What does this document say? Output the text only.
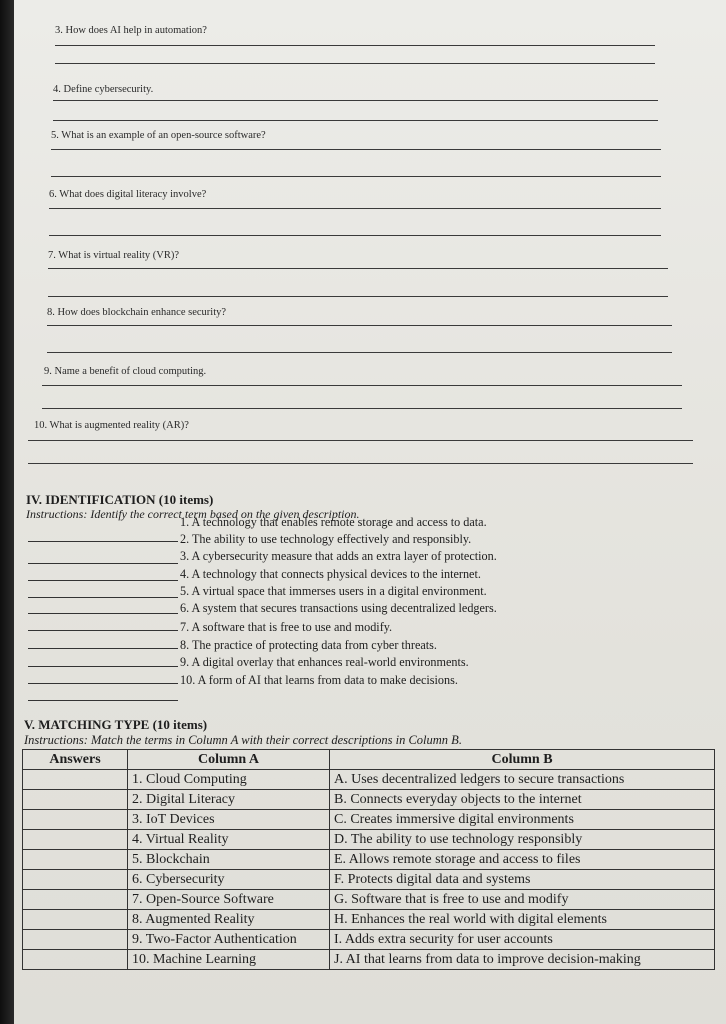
3. How does AI help in automation?
4. Define cybersecurity.
5. What is an example of an open-source software?
6. What does digital literacy involve?
7. What is virtual reality (VR)?
8. How does blockchain enhance security?
9. Name a benefit of cloud computing.
10. What is augmented reality (AR)?
IV. IDENTIFICATION (10 items)
Instructions: Identify the correct term based on the given description.
1. A technology that enables remote storage and access to data.
2. The ability to use technology effectively and responsibly.
3. A cybersecurity measure that adds an extra layer of protection.
4. A technology that connects physical devices to the internet.
5. A virtual space that immerses users in a digital environment.
6. A system that secures transactions using decentralized ledgers.
7. A software that is free to use and modify.
8. The practice of protecting data from cyber threats.
9. A digital overlay that enhances real-world environments.
10. A form of AI that learns from data to make decisions.
V. MATCHING TYPE (10 items)
Instructions: Match the terms in Column A with their correct descriptions in Column B.
Answers	Column A	Column B
	1. Cloud Computing	A. Uses decentralized ledgers to secure transactions
	2. Digital Literacy	B. Connects everyday objects to the internet
	3. IoT Devices	C. Creates immersive digital environments
	4. Virtual Reality	D. The ability to use technology responsibly
	5. Blockchain	E. Allows remote storage and access to files
	6. Cybersecurity	F. Protects digital data and systems
	7. Open-Source Software	G. Software that is free to use and modify
	8. Augmented Reality	H. Enhances the real world with digital elements
	9. Two-Factor Authentication	I. Adds extra security for user accounts
	10. Machine Learning	J. AI that learns from data to improve decision-making
